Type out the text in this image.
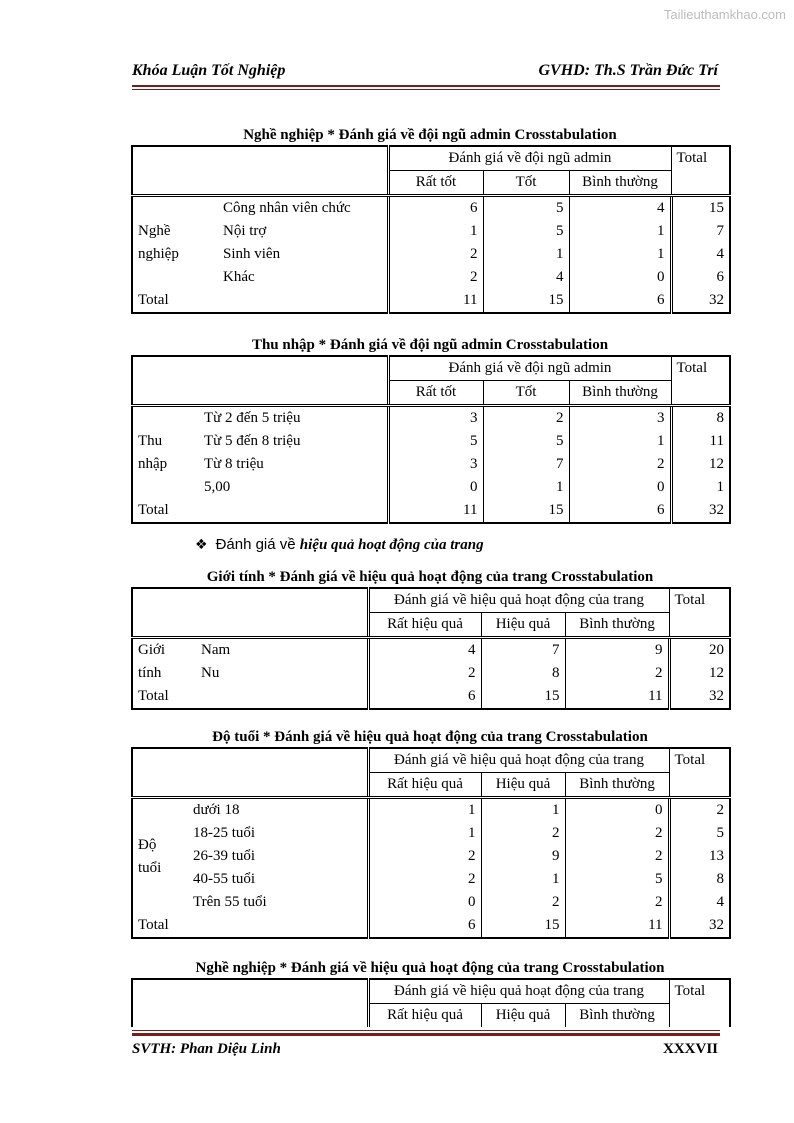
Tailieuthamkhao.com
Khóa Luận Tốt Nghiệp	GVHD: Th.S Trần Đức Trí
Nghề nghiệp * Đánh giá về đội ngũ admin Crosstabulation
		Đánh giá về đội ngũ admin			Total
		Rất tốt	Tốt	Bình thường	
Nghề nghiệp	Công nhân viên chức	6	5	4	15
	Nội trợ	1	5	1	7
	Sinh viên	2	1	1	4
	Khác	2	4	0	6
Total		11	15	6	32
Thu nhập * Đánh giá về đội ngũ admin Crosstabulation
		Đánh giá về đội ngũ admin			Total
		Rất tốt	Tốt	Bình thường	
Thu nhập	Từ 2 đến 5 triệu	3	2	3	8
	Từ 5 đến 8 triệu	5	5	1	11
	Từ 8 triệu	3	7	2	12
	5,00	0	1	0	1
Total		11	15	6	32
❖ Đánh giá về hiệu quả hoạt động của trang
Giới tính * Đánh giá về hiệu quả hoạt động của trang Crosstabulation
		Đánh giá về hiệu quả hoạt động của trang			Total
		Rất hiệu quả	Hiệu quả	Bình thường	
Giới tính	Nam	4	7	9	20
	Nu	2	8	2	12
Total		6	15	11	32
Độ tuổi * Đánh giá về hiệu quả hoạt động của trang Crosstabulation
		Đánh giá về hiệu quả hoạt động của trang			Total
		Rất hiệu quả	Hiệu quả	Bình thường	
Độ tuổi	dưới 18	1	1	0	2
	18-25 tuổi	1	2	2	5
	26-39 tuổi	2	9	2	13
	40-55 tuổi	2	1	5	8
	Trên 55 tuổi	0	2	2	4
Total		6	15	11	32
Nghề nghiệp * Đánh giá về hiệu quả hoạt động của trang Crosstabulation
	Đánh giá về hiệu quả hoạt động của trang			Total
	Rất hiệu quả	Hiệu quả	Bình thường	
SVTH: Phan Diệu Linh	XXXVII
